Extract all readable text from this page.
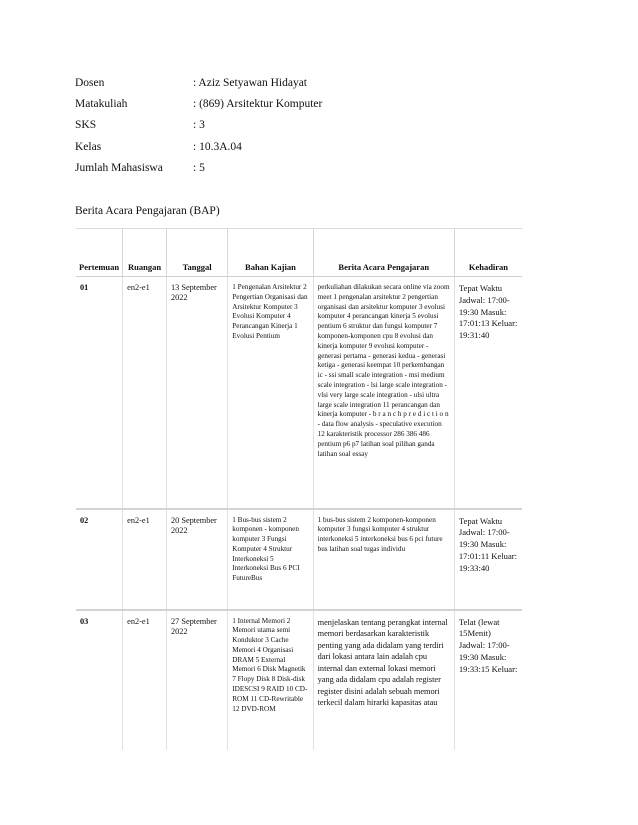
Dosen	: Aziz Setyawan Hidayat
Matakuliah	: (869) Arsitektur Komputer
SKS	: 3
Kelas	: 10.3A.04
Jumlah Mahasiswa	: 5
Berita Acara Pengajaran (BAP)
Pertemuan	Ruangan	Tanggal	Bahan Kajian	Berita Acara Pengajaran	Kehadiran
01	en2-e1	13 September 2022	1 Pengenalan Arsitektur 2 Pengertian Organisasi dan Arsitektur Komputer 3 Evolusi Komputer 4 Perancangan Kinerja 1 Evolusi Pentium	perkuliahan dilakukan secara online via zoom meet 1 pengenalan arsitektur 2 pengertian organisasi dan arsitektur komputer 3 evolusi komputer 4 perancangan kinerja 5 evolusi pentium 6 struktur dan fungsi komputer 7 komponen-komponen cpu 8 evolusi dan kinerja komputer 9 evolusi komputer - generasi pertama - generasi kedua - generasi ketiga - generasi keempat 10 perkembangan ic - ssi small scale integration - msi medium scale integration - lsi large scale integration - vlsi very large scale integration - ulsi ultra large scale integration 11 perancangan dan kinerja komputer - b r a n c h p r e d i c t i o n - data flow analysis - speculative execution 12 karakteristik processor 286 386 486 pentium p6 p7 latihan soal pilihan ganda latihan soal essay	Tepat Waktu Jadwal: 17:00-19:30 Masuk: 17:01:13 Keluar: 19:31:40
02	en2-e1	20 September 2022	1 Bus-bus sistem 2 komponen - komponen komputer 3 Fungsi Komputer 4 Struktur Interkoneksi 5 Interkoneksi Bus 6 PCI FutureBus	1 bus-bus sistem 2 komponen-komponen komputer 3 fungsi komputer 4 struktur interkoneksi 5 interkoneksi bus 6 pci future bus latihan soal tugas individu	Tepat Waktu Jadwal: 17:00-19:30 Masuk: 17:01:11 Keluar: 19:33:40
03	en2-e1	27 September 2022	1 Internal Memori 2 Memori utama semi Konduktor 3 Cache Memori 4 Organisasi DRAM 5 External Memori 6 Disk Magnetik 7 Flopy Disk 8 Disk-disk IDESCSI 9 RAID 10 CD-ROM 11 CD-Rewritable 12 DVD-ROM	menjelaskan tentang perangkat internal memori berdasarkan karakteristik penting yang ada didalam yang terdiri dari lokasi antara lain adalah cpu internal dan external lokasi memori yang ada didalam cpu adalah register register disini adalah sebuah memori terkecil dalam hirarki kapasitas atau	Telat (lewat 15Menit) Jadwal: 17:00-19:30 Masuk: 19:33:15 Keluar:
